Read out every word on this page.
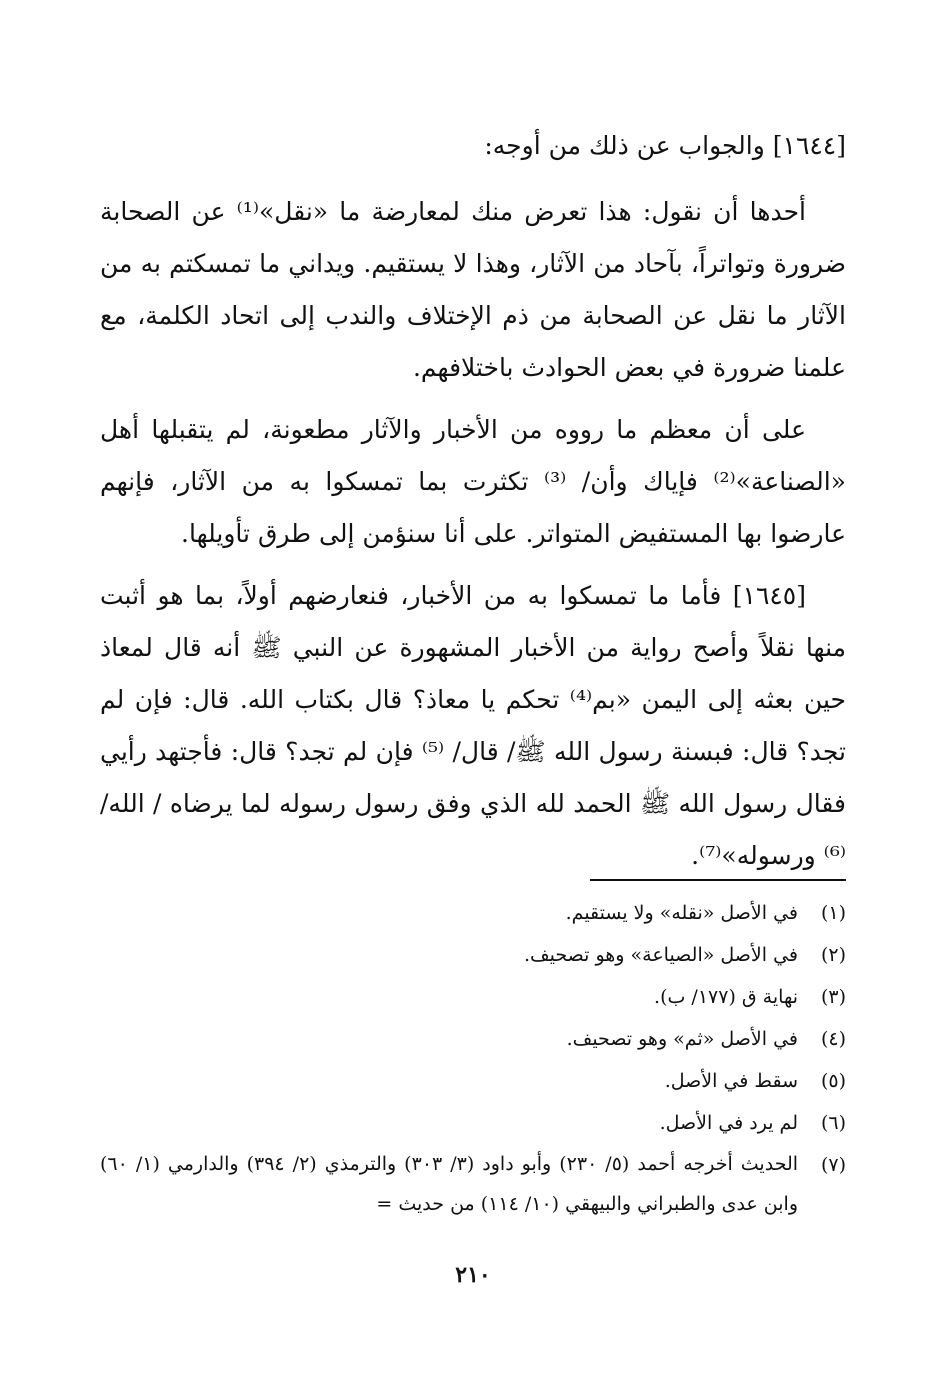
[١٦٤٤] والجواب عن ذلك من أوجه:

أحدها أن نقول: هذا تعرض منك لمعارضة ما «نقل»⁽¹⁾ عن الصحابة ضرورة وتواتراً، بآحاد من الآثار، وهذا لا يستقيم. ويداني ما تمسكتم به من الآثار ما نقل عن الصحابة من ذم الإختلاف والندب إلى اتحاد الكلمة، مع علمنا ضرورة في بعض الحوادث باختلافهم.

على أن معظم ما رووه من الأخبار والآثار مطعونة، لم يتقبلها أهل «الصناعة»⁽²⁾ فإياك وأن/ ⁽³⁾ تكثرت بما تمسكوا به من الآثار، فإنهم عارضوا بها المستفيض المتواتر. على أنا سنؤمن إلى طرق تأويلها.

[١٦٤٥] فأما ما تمسكوا به من الأخبار، فنعارضهم أولاً، بما هو أثبت منها نقلاً وأصح رواية من الأخبار المشهورة عن النبي ﷺ أنه قال لمعاذ حين بعثه إلى اليمن «بم⁽⁴⁾ تحكم يا معاذ؟ قال بكتاب الله. قال: فإن لم تجد؟ قال: فبسنة رسول الله ﷺ/ قال/ ⁽⁵⁾ فإن لم تجد؟ قال: فأجتهد رأيي فقال رسول الله ﷺ الحمد لله الذي وفق رسول رسوله لما يرضاه / الله/ ⁽⁶⁾ ورسوله»⁽⁷⁾.

(١)
في الأصل «نقله» ولا يستقيم.
(٢)
في الأصل «الصياعة» وهو تصحيف.
(٣)
نهاية ق (١٧٧/ ب).
(٤)
في الأصل «ثم» وهو تصحيف.
(٥)
سقط في الأصل.
(٦)
لم يرد في الأصل.
(٧)
الحديث أخرجه أحمد (٥/ ٢٣٠) وأبو داود (٣/ ٣٠٣) والترمذي (٢/ ٣٩٤) والدارمي (١/ ٦٠) وابن عدى والطبراني والبيهقي (١٠/ ١١٤) من حديث =
٢١٠
